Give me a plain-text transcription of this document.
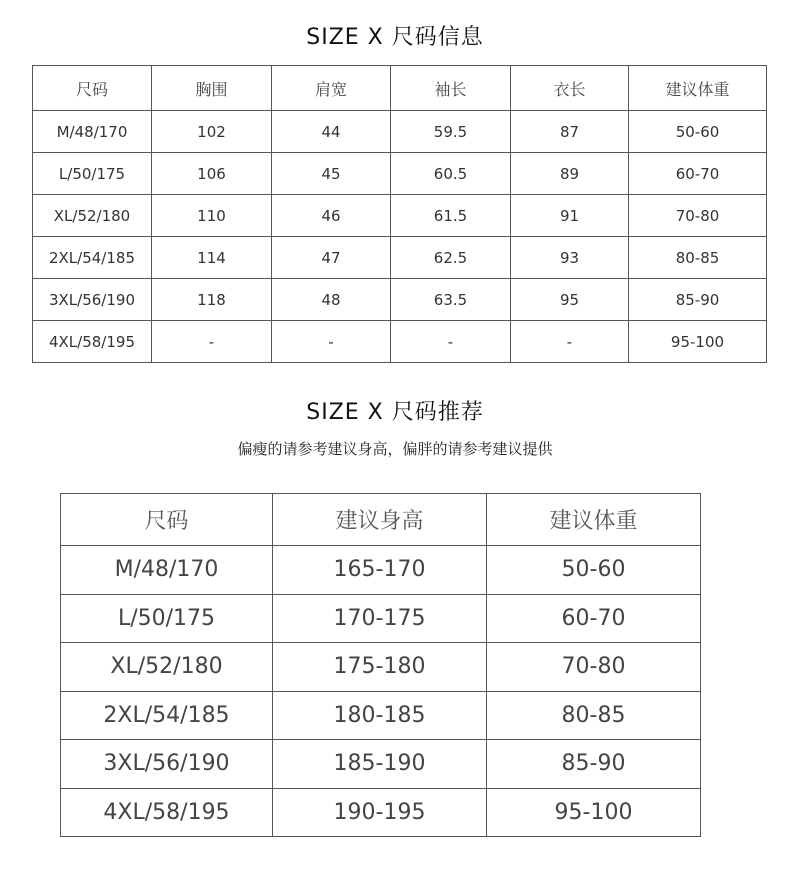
SIZE X 尺码信息
尺码	胸围	肩宽	袖长	衣长	建议体重
M/48/170	102	44	59.5	87	50-60
L/50/175	106	45	60.5	89	60-70
XL/52/180	110	46	61.5	91	70-80
2XL/54/185	114	47	62.5	93	80-85
3XL/56/190	118	48	63.5	95	85-90
4XL/58/195	-	-	-	-	95-100
SIZE X 尺码推荐
偏瘦的请参考建议身高，偏胖的请参考建议提供
尺码	建议身高	建议体重
M/48/170	165-170	50-60
L/50/175	170-175	60-70
XL/52/180	175-180	70-80
2XL/54/185	180-185	80-85
3XL/56/190	185-190	85-90
4XL/58/195	190-195	95-100
